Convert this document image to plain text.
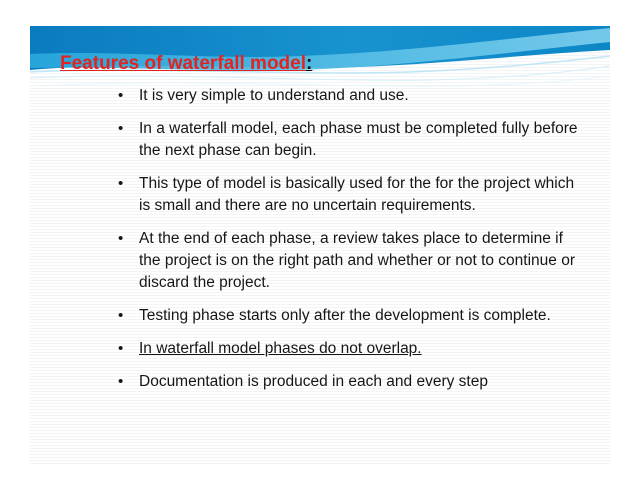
Features of waterfall model:
• It is very simple to understand and use.
• In a waterfall model, each phase must be completed fully before the next phase can begin.
• This type of model is basically used for the for the project which is small and there are no uncertain requirements.
• At the end of each phase, a review takes place to determine if the project is on the right path and whether or not to continue or discard the project.
• Testing phase starts only after the development is complete.
• In waterfall model phases do not overlap.
• Documentation is produced in each and every step
